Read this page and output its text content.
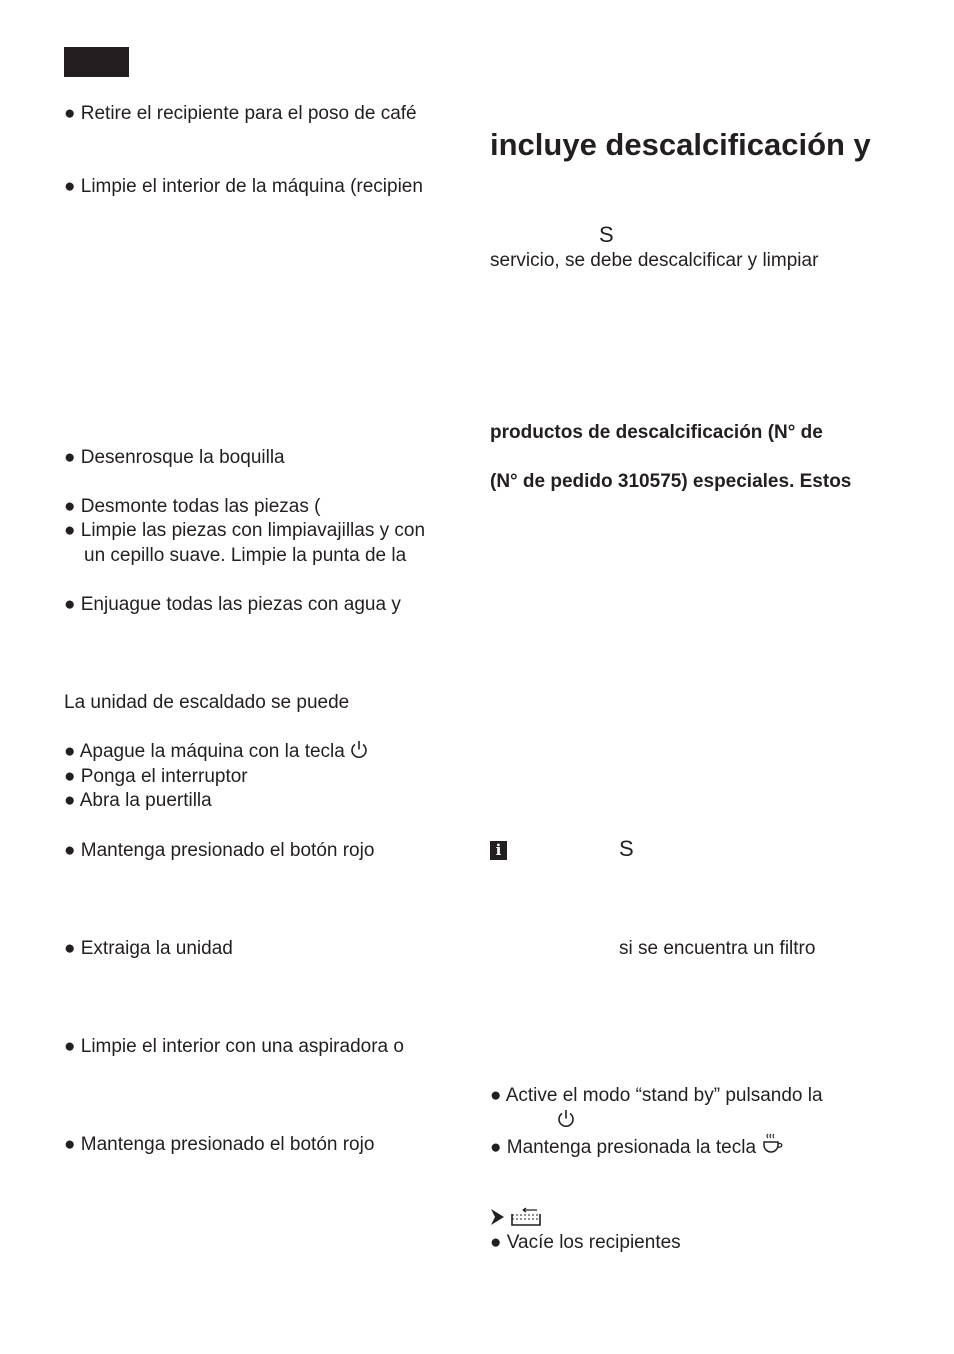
● Retire el recipiente para el poso de café
● Limpie el interior de la máquina (recipien
● Desenrosque la boquilla
● Desmonte todas las piezas (
● Limpie las piezas con limpiavajillas y con
un cepillo suave. Limpie la punta de la
● Enjuague todas las piezas con agua y
La unidad de escaldado se puede
● Apague la máquina con la tecla
● Ponga el interruptor
● Abra la puertilla
● Mantenga presionado el botón rojo
● Extraiga la unidad
● Limpie el interior con una aspiradora o
● Mantenga presionado el botón rojo
incluye descalcificación y
S
servicio, se debe descalcificar y limpiar
productos de descalcificación (N° de
(N° de pedido 310575) especiales. Estos
i	S
si se encuentra un filtro
● Active el modo “stand by” pulsando la
● Mantenga presionada la tecla

● Vacíe los recipientes
